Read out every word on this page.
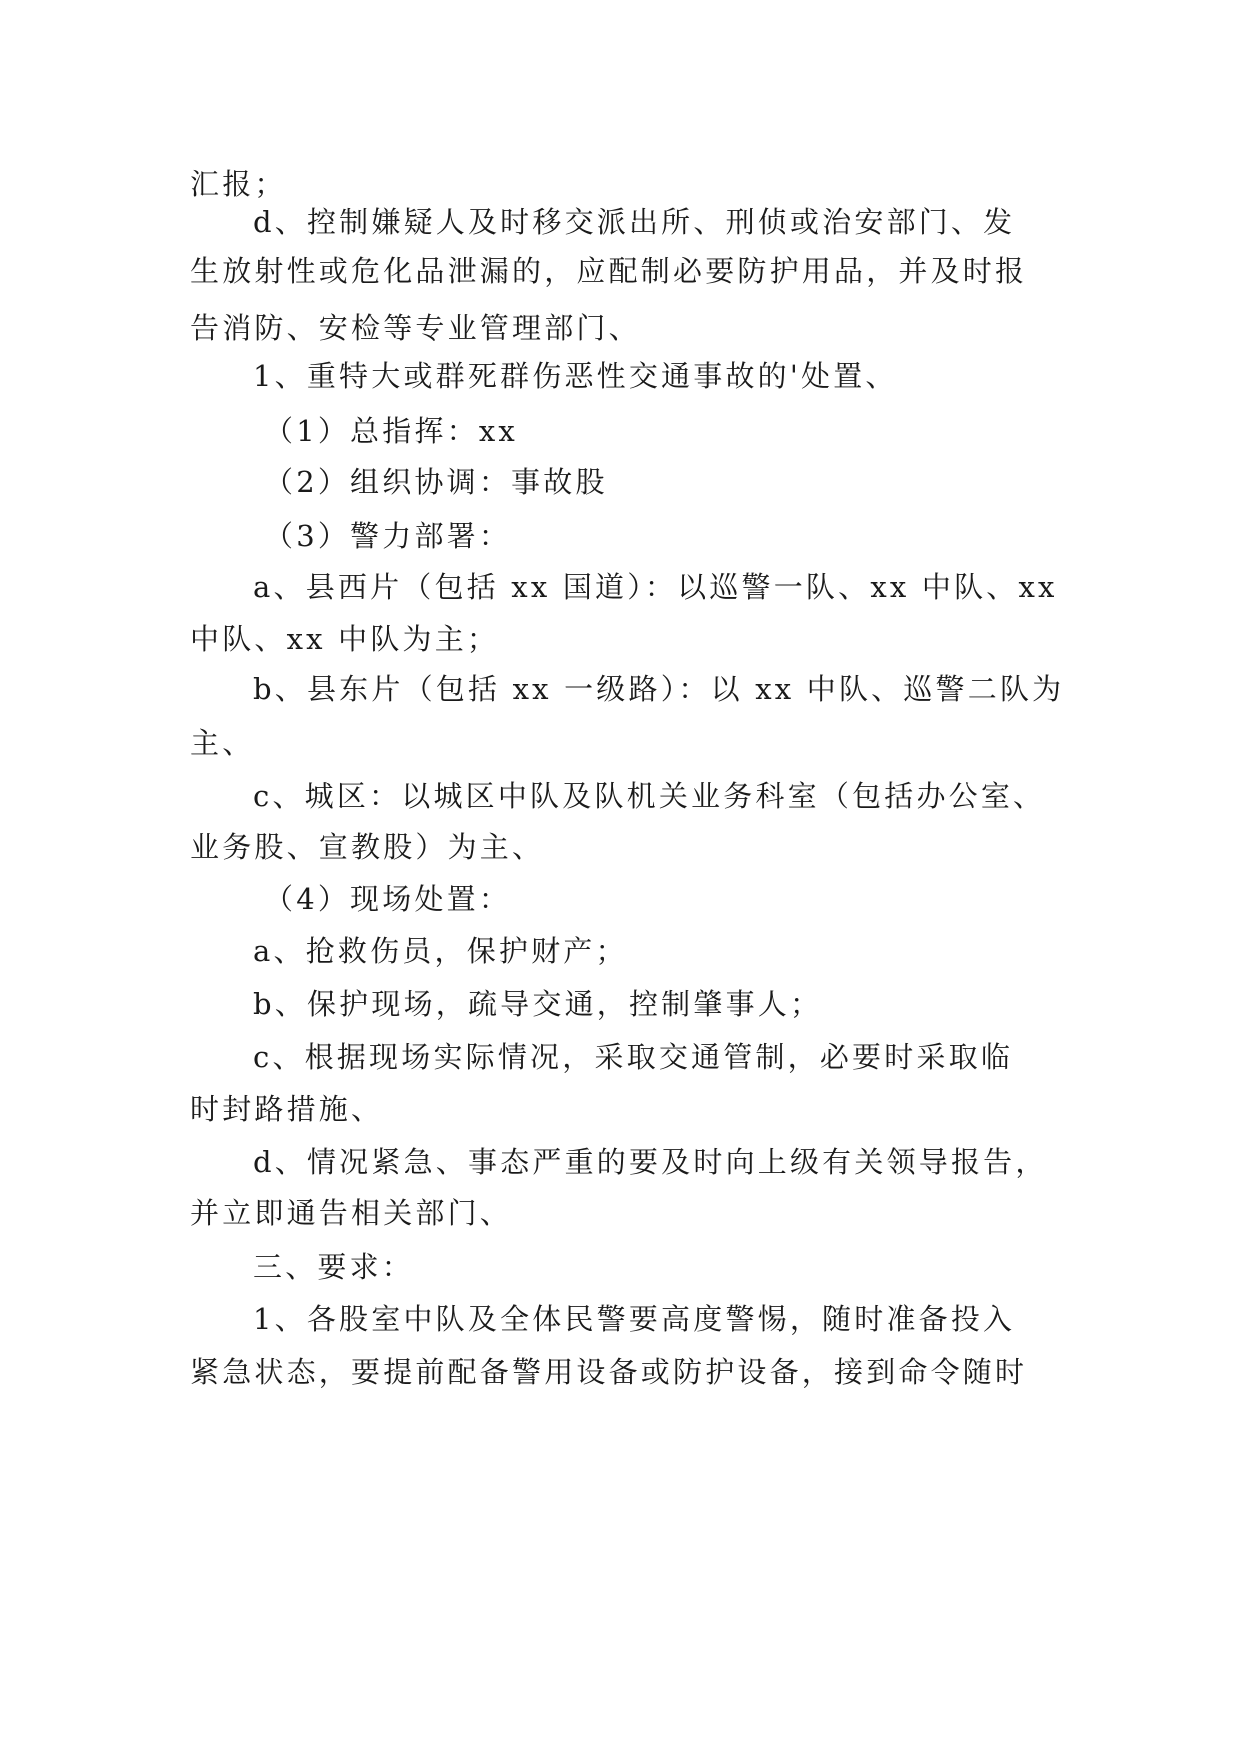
汇报；
d、控制嫌疑人及时移交派出所、刑侦或治安部门、发
生放射性或危化品泄漏的，应配制必要防护用品，并及时报
告消防、安检等专业管理部门、
1、重特大或群死群伤恶性交通事故的'处置、
（1）总指挥：xx
（2）组织协调：事故股
（3）警力部署：
a、县西片（包括 xx 国道）：以巡警一队、xx 中队、xx
中队、xx 中队为主；
b、县东片（包括 xx 一级路）：以 xx 中队、巡警二队为
主、
c、城区：以城区中队及队机关业务科室（包括办公室、
业务股、宣教股）为主、
（4）现场处置：
a、抢救伤员，保护财产；
b、保护现场，疏导交通，控制肇事人；
c、根据现场实际情况，采取交通管制，必要时采取临
时封路措施、
d、情况紧急、事态严重的要及时向上级有关领导报告，
并立即通告相关部门、
三、要求：
1、各股室中队及全体民警要高度警惕，随时准备投入
紧急状态，要提前配备警用设备或防护设备，接到命令随时
